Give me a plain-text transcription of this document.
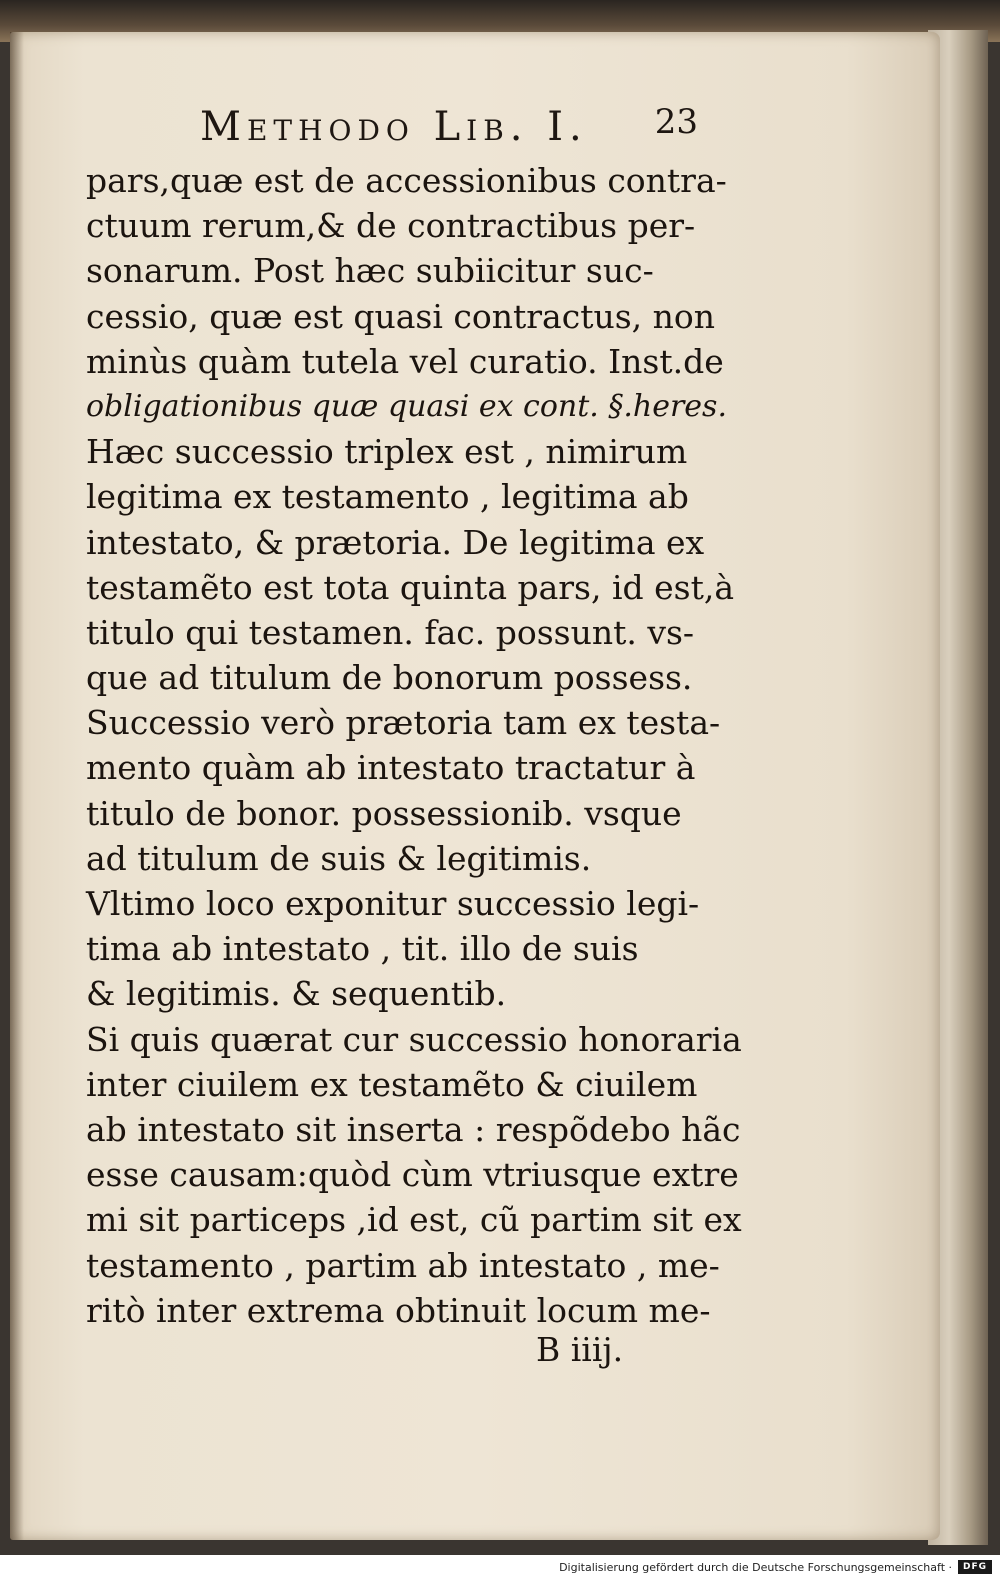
Methodo Lib. I. 23
pars,quæ est de accessionibus contra-
ctuum rerum,& de contractibus per-
sonarum. Post hæc subiicitur suc-
cessio, quæ est quasi contractus, non
minùs quàm tutela vel curatio. Inst.de
obligationibus quæ quasi ex cont. §.heres.
Hæc successio triplex est , nimirum
legitima ex testamento , legitima ab
intestato, & prætoria. De legitima ex
testamẽto est tota quinta pars, id est,à
titulo qui testamen. fac. possunt. vs-
que ad titulum de bonorum possess.
Successio verò prætoria tam ex testa-
mento quàm ab intestato tractatur à
titulo de bonor. possessionib. vsque
ad titulum de suis & legitimis.
Vltimo loco exponitur successio legi-
tima ab intestato , tit. illo de suis
& legitimis. & sequentib.
Si quis quærat cur successio honoraria
inter ciuilem ex testamẽto & ciuilem
ab intestato sit inserta : respõdebo hãc
esse causam:quòd cùm vtriusque extre
mi sit particeps ,id est, cũ partim sit ex
testamento , partim ab intestato , me-
ritò inter extrema obtinuit locum me-
B iiij.
Digitalisierung gefördert durch die Deutsche Forschungsgemeinschaft ·	DFG
